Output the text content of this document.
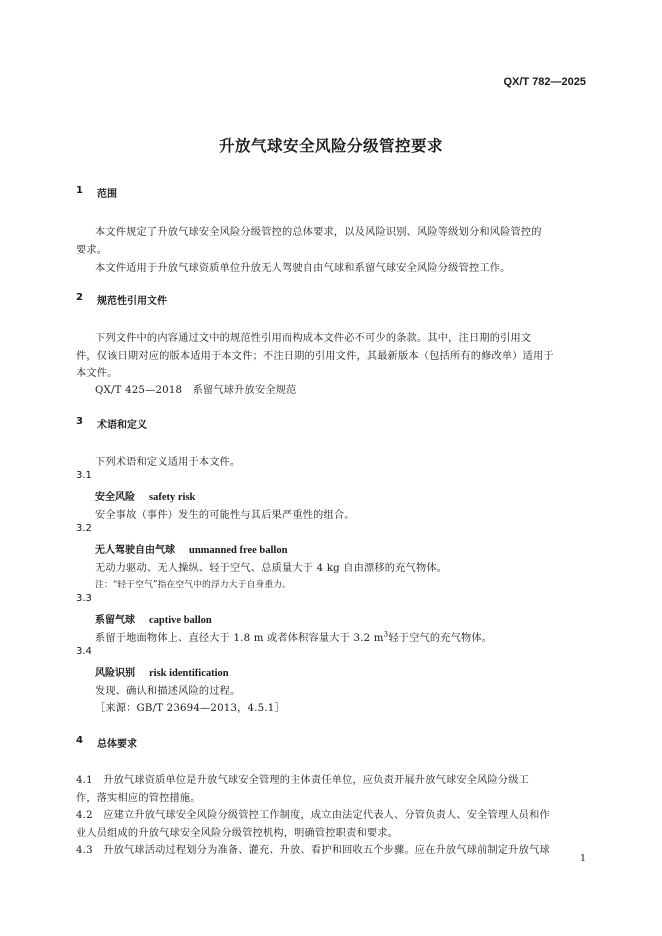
QX/T 782—2025
升放气球安全风险分级管控要求
1 范围
本文件规定了升放气球安全风险分级管控的总体要求，以及风险识别、风险等级划分和风险管控的
要求。
本文件适用于升放气球资质单位升放无人驾驶自由气球和系留气球安全风险分级管控工作。
2 规范性引用文件
下列文件中的内容通过文中的规范性引用而构成本文件必不可少的条款。其中，注日期的引用文
件，仅该日期对应的版本适用于本文件；不注日期的引用文件，其最新版本（包括所有的修改单）适用于
本文件。
QX/T 425—2018　系留气球升放安全规范
3 术语和定义
下列术语和定义适用于本文件。
3.1
安全风险 safety risk
安全事故（事件）发生的可能性与其后果严重性的组合。
3.2
无人驾驶自由气球 unmanned free ballon
无动力驱动、无人操纵、轻于空气、总质量大于 4 kg 自由漂移的充气物体。
注：“轻于空气”指在空气中的浮力大于自身重力。
3.3
系留气球 captive ballon
系留于地面物体上、直径大于 1.8 m 或者体积容量大于 3.2 $m^3$轻于空气的充气物体。
3.4
风险识别 risk identification
发现、确认和描述风险的过程。
［来源：GB/T 23694—2013，4.5.1］
4 总体要求
4.1　升放气球资质单位是升放气球安全管理的主体责任单位，应负责开展升放气球安全风险分级工
作，落实相应的管控措施。
4.2　应建立升放气球安全风险分级管控工作制度，成立由法定代表人、分管负责人、安全管理人员和作
业人员组成的升放气球安全风险分级管控机构，明确管控职责和要求。
4.3　升放气球活动过程划分为准备、灌充、升放、看护和回收五个步骤。应在升放气球前制定升放气球
1
